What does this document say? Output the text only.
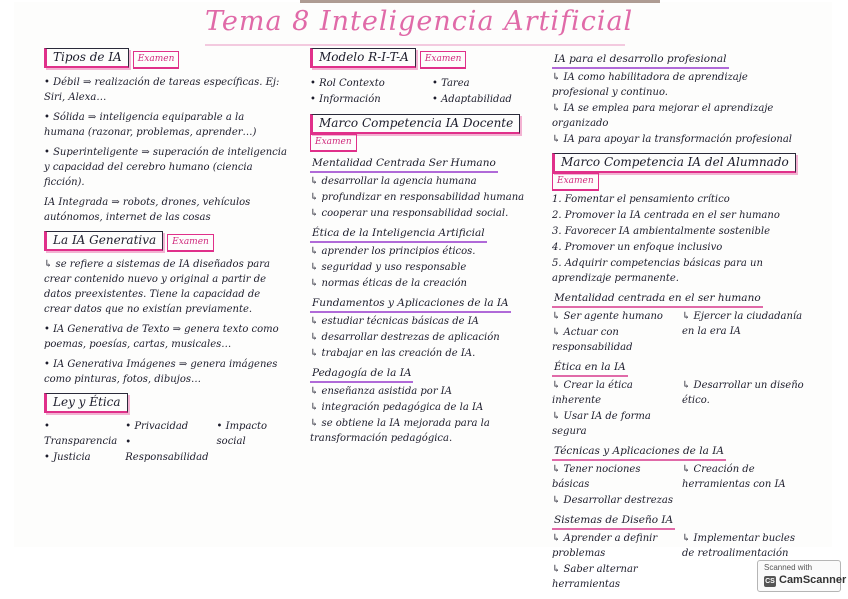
Tema 8 Inteligencia Artificial
Tipos de IA Examen
• Débil ⇒ realización de tareas específicas. Ej: Siri, Alexa…
• Sólida ⇒ inteligencia equiparable a la humana (razonar, problemas, aprender…)
• Superinteligente ⇒ superación de inteligencia y capacidad del cerebro humano (ciencia ficción).
IA Integrada ⇒ robots, drones, vehículos autónomos, internet de las cosas
La IA Generativa Examen
↳ se refiere a sistemas de IA diseñados para crear contenido nuevo y original a partir de datos preexistentes. Tiene la capacidad de crear datos que no existían previamente.
• IA Generativa de Texto ⇒ genera texto como poemas, poesías, cartas, musicales…
• IA Generativa Imágenes ⇒ genera imágenes como pinturas, fotos, dibujos…
Ley y Ética
• Transparencia
• Justicia
• Privacidad
• Responsabilidad
• Impacto social
Modelo R-I-T-A Examen
• Rol Contexto
• Información
• Tarea
• Adaptabilidad
Marco Competencia IA DocenteExamen
Mentalidad Centrada Ser Humano
↳ desarrollar la agencia humana
↳ profundizar en responsabilidad humana
↳ cooperar una responsabilidad social.
Ética de la Inteligencia Artificial
↳ aprender los principios éticos.
↳ seguridad y uso responsable
↳ normas éticas de la creación
Fundamentos y Aplicaciones de la IA
↳ estudiar técnicas básicas de IA
↳ desarrollar destrezas de aplicación
↳ trabajar en las creación de IA.
Pedagogía de la IA
↳ enseñanza asistida por IA
↳ integración pedagógica de la IA
↳ se obtiene la IA mejorada para la transformación pedagógica.
IA para el desarrollo profesional
↳ IA como habilitadora de aprendizaje profesional y continuo.
↳ IA se emplea para mejorar el aprendizaje organizado
↳ IA para apoyar la transformación profesional
Marco Competencia IA del AlumnadoExamen
1. Fomentar el pensamiento crítico
2. Promover la IA centrada en el ser humano
3. Favorecer IA ambientalmente sostenible
4. Promover un enfoque inclusivo
5. Adquirir competencias básicas para un aprendizaje permanente.
Mentalidad centrada en el ser humano
↳ Ser agente humano
↳ Actuar con responsabilidad
↳ Ejercer la ciudadanía en la era IA
Ética en la IA
↳ Crear la ética inherente
↳ Usar IA de forma segura
↳ Desarrollar un diseño ético.
Técnicas y Aplicaciones de la IA
↳ Tener nociones básicas
↳ Desarrollar destrezas
↳ Creación de herramientas con IA
Sistemas de Diseño IA
↳ Aprender a definir problemas
↳ Saber alternar herramientas
↳ Implementar bucles de retroalimentación
Scanned with
CS CamScanner
